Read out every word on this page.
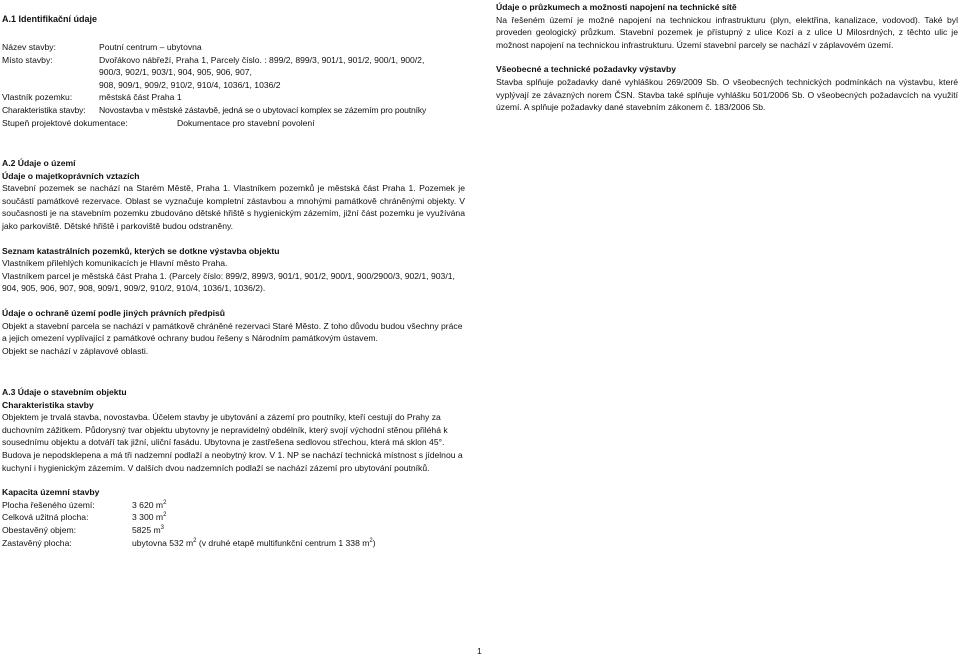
A.1 Identifikační údaje
Název stavby:	Poutní centrum – ubytovna
Místo stavby:	Dvořákovo nábřeží, Praha 1, Parcely číslo. : 899/2, 899/3, 901/1, 901/2, 900/1, 900/2,
900/3, 902/1, 903/1, 904, 905, 906, 907,
908, 909/1, 909/2, 910/2, 910/4, 1036/1, 1036/2
Vlastník pozemku:	městská část Praha 1
Charakteristika stavby: Novostavba v městské zástavbě, jedná se o ubytovací komplex se zázemím pro poutníky
Stupeň projektové dokumentace:	Dokumentace pro stavební povolení

Údaje o průzkumech a možnosti napojení na technické sítě

Na řešeném území je možné napojení na technickou infrastrukturu (plyn, elektřina, kanalizace, vodovod). Také byl proveden geologický průzkum. Stavební pozemek je přístupný z ulice Kozí a z ulice U Milosrdných, z těchto ulic je možnost napojení na technickou infrastrukturu. Území stavební parcely se nachází v záplavovém území.

Všeobecné a technické požadavky výstavby

Stavba splňuje požadavky dané vyhláškou 269/2009 Sb. O všeobecných technických podmínkách na výstavbu, které vyplývají ze závazných norem ČSN. Stavba také splňuje vyhlášku 501/2006 Sb. O všeobecných požadavcích na využití území. A splňuje požadavky dané stavebním zákonem č. 183/2006 Sb.

A.2 Údaje o území

Údaje o majetkoprávních vztazích

Stavební pozemek se nachází na Starém Městě, Praha 1. Vlastníkem pozemků je městská část Praha 1. Pozemek je součástí památkové rezervace. Oblast se vyznačuje kompletní zástavbou a mnohými památkově chráněnými objekty. V současnosti je na stavebním pozemku zbudováno dětské hřiště s hygienickým zázemím, jižní část pozemku je využívána jako parkoviště. Dětské hřiště i parkoviště budou odstraněny.

Seznam katastrálních pozemků, kterých se dotkne výstavba objektu

Vlastníkem přilehlých komunikacích je Hlavní město Praha.

Vlastníkem parcel je městská část Praha 1. (Parcely číslo: 899/2, 899/3, 901/1, 901/2, 900/1, 900/2900/3, 902/1, 903/1, 904, 905, 906, 907, 908, 909/1, 909/2, 910/2, 910/4, 1036/1, 1036/2).

Údaje o ochraně území podle jiných právních předpisů

Objekt a stavební parcela se nachází v památkově chráněné rezervaci Staré Město. Z toho důvodu budou všechny práce a jejich omezení vyplívající z památkové ochrany budou řešeny s Národním památkovým ústavem.

Objekt se nachází v záplavové oblasti.

A.3 Údaje o stavebním objektu

Charakteristika stavby

Objektem je trvalá stavba, novostavba. Účelem stavby je ubytování a zázemí pro poutníky, kteří cestují do Prahy za duchovním zážitkem. Půdorysný tvar objektu ubytovny je nepravidelný obdélník, který svojí východní stěnou přiléhá k sousednímu objektu a dotváří tak jižní, uliční fasádu. Ubytovna je zastřešena sedlovou střechou, která má sklon 45°. Budova je nepodsklepena a má tři nadzemní podlaží a neobytný krov. V 1. NP se nachází technická místnost s jídelnou a kuchyní i hygienickým zázemím. V dalších dvou nadzemních podlaží se nachází zázemí pro ubytování poutníků.

Kapacita územní stavby

Plocha řešeného území:	3 620 $m^2$
Celková užitná plocha:	3 300 $m^2$
Obestavěný objem:	5825 $m^3$
Zastavěný plocha:	ubytovna 532 $m^2$ (v druhé etapě multifunkční centrum 1 338 $m^2$)
1
